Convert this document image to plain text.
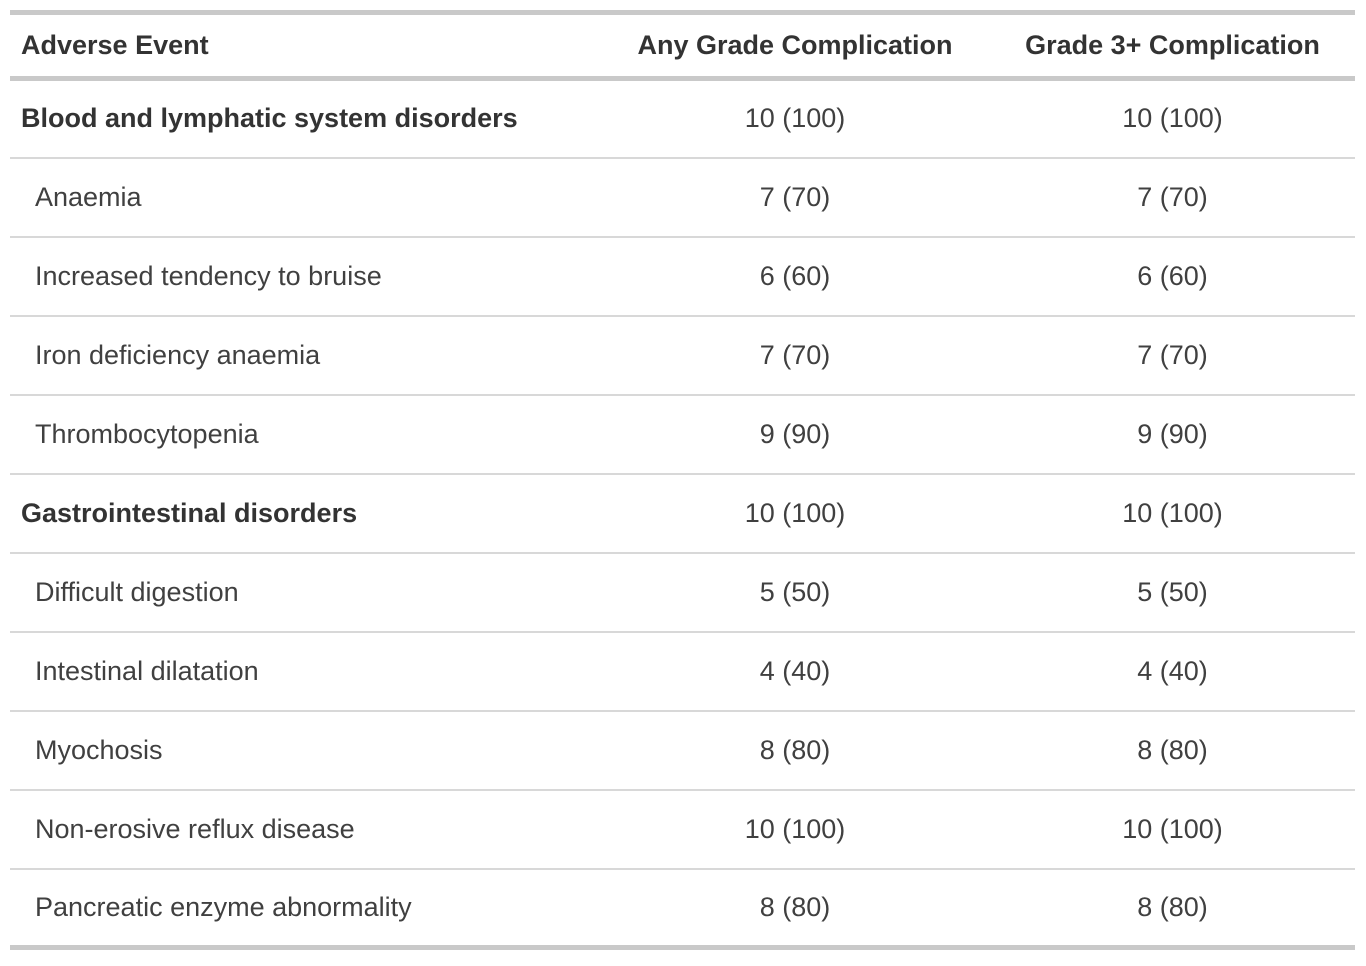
Adverse Event	Any Grade Complication	Grade 3+ Complication
Blood and lymphatic system disorders	10 (100)	10 (100)
Anaemia	7 (70)	7 (70)
Increased tendency to bruise	6 (60)	6 (60)
Iron deficiency anaemia	7 (70)	7 (70)
Thrombocytopenia	9 (90)	9 (90)
Gastrointestinal disorders	10 (100)	10 (100)
Difficult digestion	5 (50)	5 (50)
Intestinal dilatation	4 (40)	4 (40)
Myochosis	8 (80)	8 (80)
Non-erosive reflux disease	10 (100)	10 (100)
Pancreatic enzyme abnormality	8 (80)	8 (80)
